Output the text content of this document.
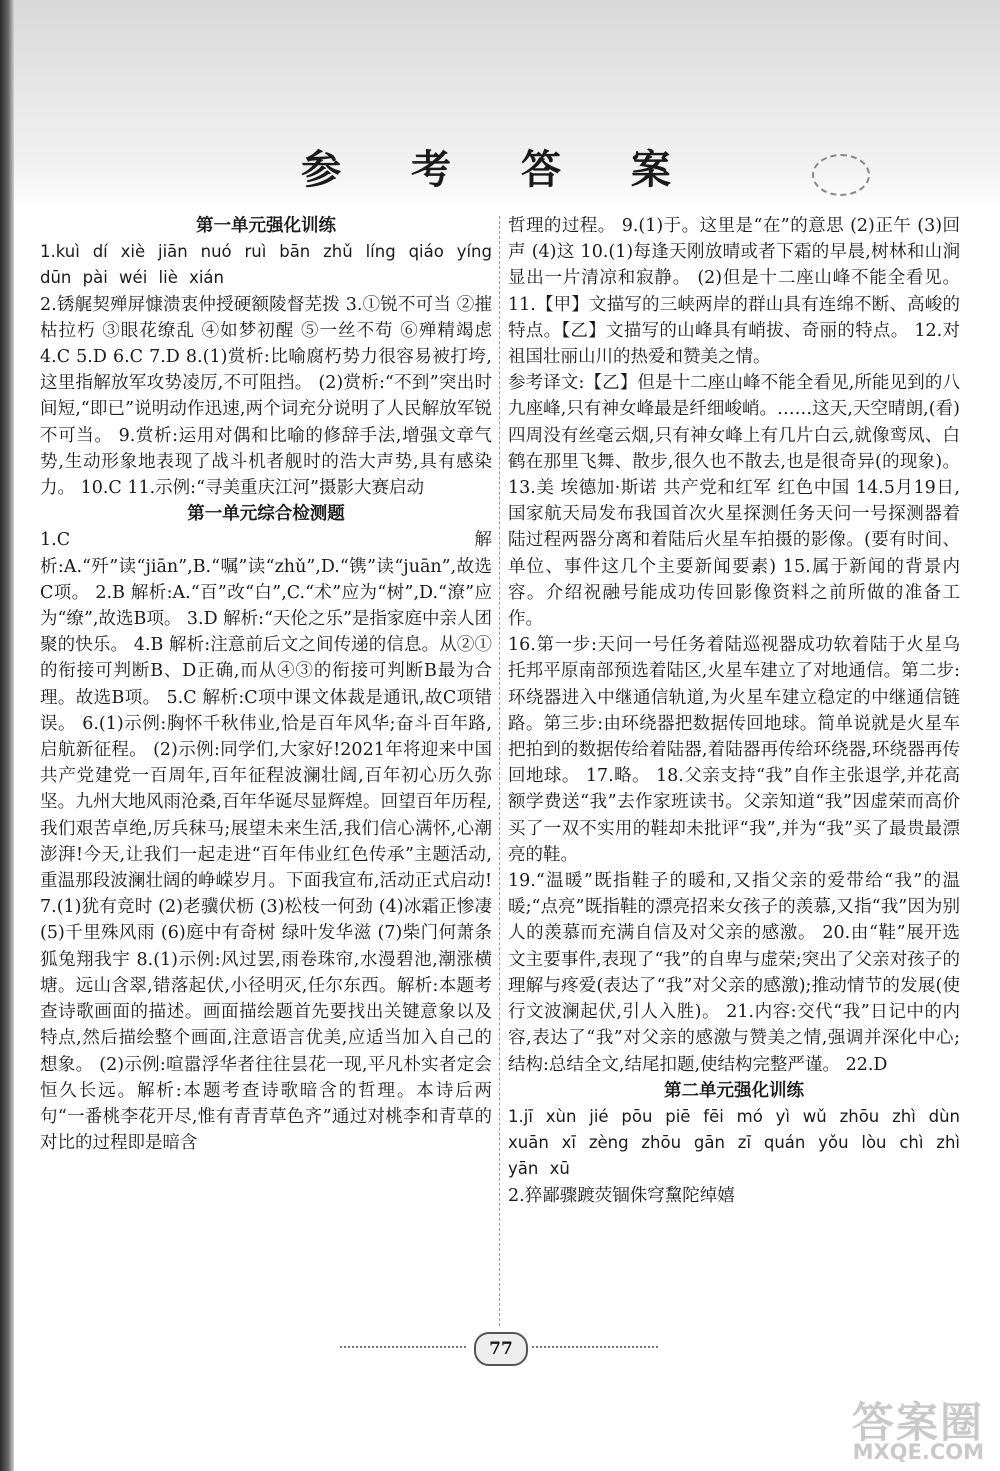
参 考 答 案
第一单元强化训练
1.kuì dí xiè jiān nuó ruì bān zhǔ líng qiáo yíng dūn pài wéi liè xián
2.锈艉契殚屏慷溃衷仲授硬额陵督芜拨 3.①锐不可当 ②摧枯拉朽 ③眼花缭乱 ④如梦初醒 ⑤一丝不苟 ⑥殚精竭虑 4.C 5.D 6.C 7.D 8.(1)赏析:比喻腐朽势力很容易被打垮,这里指解放军攻势凌厉,不可阻挡。 (2)赏析:“不到”突出时间短,“即已”说明动作迅速,两个词充分说明了人民解放军锐不可当。 9.赏析:运用对偶和比喻的修辞手法,增强文章气势,生动形象地表现了战斗机者舰时的浩大声势,具有感染力。 10.C 11.示例:“寻美重庆江河”摄影大赛启动
第一单元综合检测题
1.C 解析:A.“歼”读“jiān”,B.“嘱”读“zhǔ”,D.“镌”读“juān”,故选C项。 2.B 解析:A.“百”改“白”,C.“术”应为“树”,D.“潦”应为“缭”,故选B项。 3.D 解析:“天伦之乐”是指家庭中亲人团聚的快乐。 4.B 解析:注意前后文之间传递的信息。从②①的衔接可判断B、D正确,而从④③的衔接可判断B最为合理。故选B项。 5.C 解析:C项中课文体裁是通讯,故C项错误。 6.(1)示例:胸怀千秋伟业,恰是百年风华;奋斗百年路,启航新征程。 (2)示例:同学们,大家好!2021年将迎来中国共产党建党一百周年,百年征程波澜壮阔,百年初心历久弥坚。九州大地风雨沧桑,百年华诞尽显辉煌。回望百年历程,我们艰苦卓绝,厉兵秣马;展望未来生活,我们信心满怀,心潮澎湃!今天,让我们一起走进“百年伟业红色传承”主题活动,重温那段波澜壮阔的峥嵘岁月。下面我宣布,活动正式启动! 7.(1)犹有竞时 (2)老骥伏枥 (3)松枝一何劲 (4)冰霜正惨凄 (5)千里殊风雨 (6)庭中有奇树 绿叶发华滋 (7)柴门何萧条 狐兔翔我宇 8.(1)示例:风过罢,雨卷珠帘,水漫碧池,潮涨横塘。远山含翠,错落起伏,小径明灭,任尔东西。解析:本题考查诗歌画面的描述。画面描绘题首先要找出关键意象以及特点,然后描绘整个画面,注意语言优美,应适当加入自己的想象。 (2)示例:喧嚣浮华者往往昙花一现,平凡朴实者定会恒久长远。解析:本题考查诗歌暗含的哲理。本诗后两句“一番桃李花开尽,惟有青青草色齐”通过对桃李和青草的对比的过程即是暗含
哲理的过程。 9.(1)于。这里是“在”的意思 (2)正午 (3)回声 (4)这 10.(1)每逢天刚放晴或者下霜的早晨,树林和山涧显出一片清凉和寂静。 (2)但是十二座山峰不能全看见。 11.【甲】文描写的三峡两岸的群山具有连绵不断、高峻的特点。【乙】文描写的山峰具有峭拔、奇丽的特点。 12.对祖国壮丽山川的热爱和赞美之情。
参考译文:【乙】但是十二座山峰不能全看见,所能见到的八九座峰,只有神女峰最是纤细峻峭。……这天,天空晴朗,(看)四周没有丝毫云烟,只有神女峰上有几片白云,就像鸾凤、白鹤在那里飞舞、散步,很久也不散去,也是很奇异(的现象)。 13.美 埃德加·斯诺 共产党和红军 红色中国 14.5月19日,国家航天局发布我国首次火星探测任务天问一号探测器着陆过程两器分离和着陆后火星车拍摄的影像。(要有时间、单位、事件这几个主要新闻要素) 15.属于新闻的背景内容。介绍祝融号能成功传回影像资料之前所做的准备工作。
16.第一步:天问一号任务着陆巡视器成功软着陆于火星乌托邦平原南部预选着陆区,火星车建立了对地通信。第二步:环绕器进入中继通信轨道,为火星车建立稳定的中继通信链路。第三步:由环绕器把数据传回地球。简单说就是火星车把拍到的数据传给着陆器,着陆器再传给环绕器,环绕器再传回地球。 17.略。 18.父亲支持“我”自作主张退学,并花高额学费送“我”去作家班读书。父亲知道“我”因虚荣而高价买了一双不实用的鞋却未批评“我”,并为“我”买了最贵最漂亮的鞋。
19.“温暖”既指鞋子的暖和,又指父亲的爱带给“我”的温暖;“点亮”既指鞋的漂亮招来女孩子的羡慕,又指“我”因为别人的羡慕而充满自信及对父亲的感激。 20.由“鞋”展开选文主要事件,表现了“我”的自卑与虚荣;突出了父亲对孩子的理解与疼爱(表达了“我”对父亲的感激);推动情节的发展(使行文波澜起伏,引人入胜)。 21.内容:交代“我”日记中的内容,表达了“我”对父亲的感激与赞美之情,强调并深化中心;结构:总结全文,结尾扣题,使结构完整严谨。 22.D
第二单元强化训练
1.jī xùn jié pōu piē fēi mó yì wǔ zhōu zhì dùn xuān xī zèng zhōu gān zī quán yǒu lòu chì zhì yān xū
2.猝鄙骤踱荧锢侏穹黧陀绰嬉
77
答案圈
MXQE.COM
